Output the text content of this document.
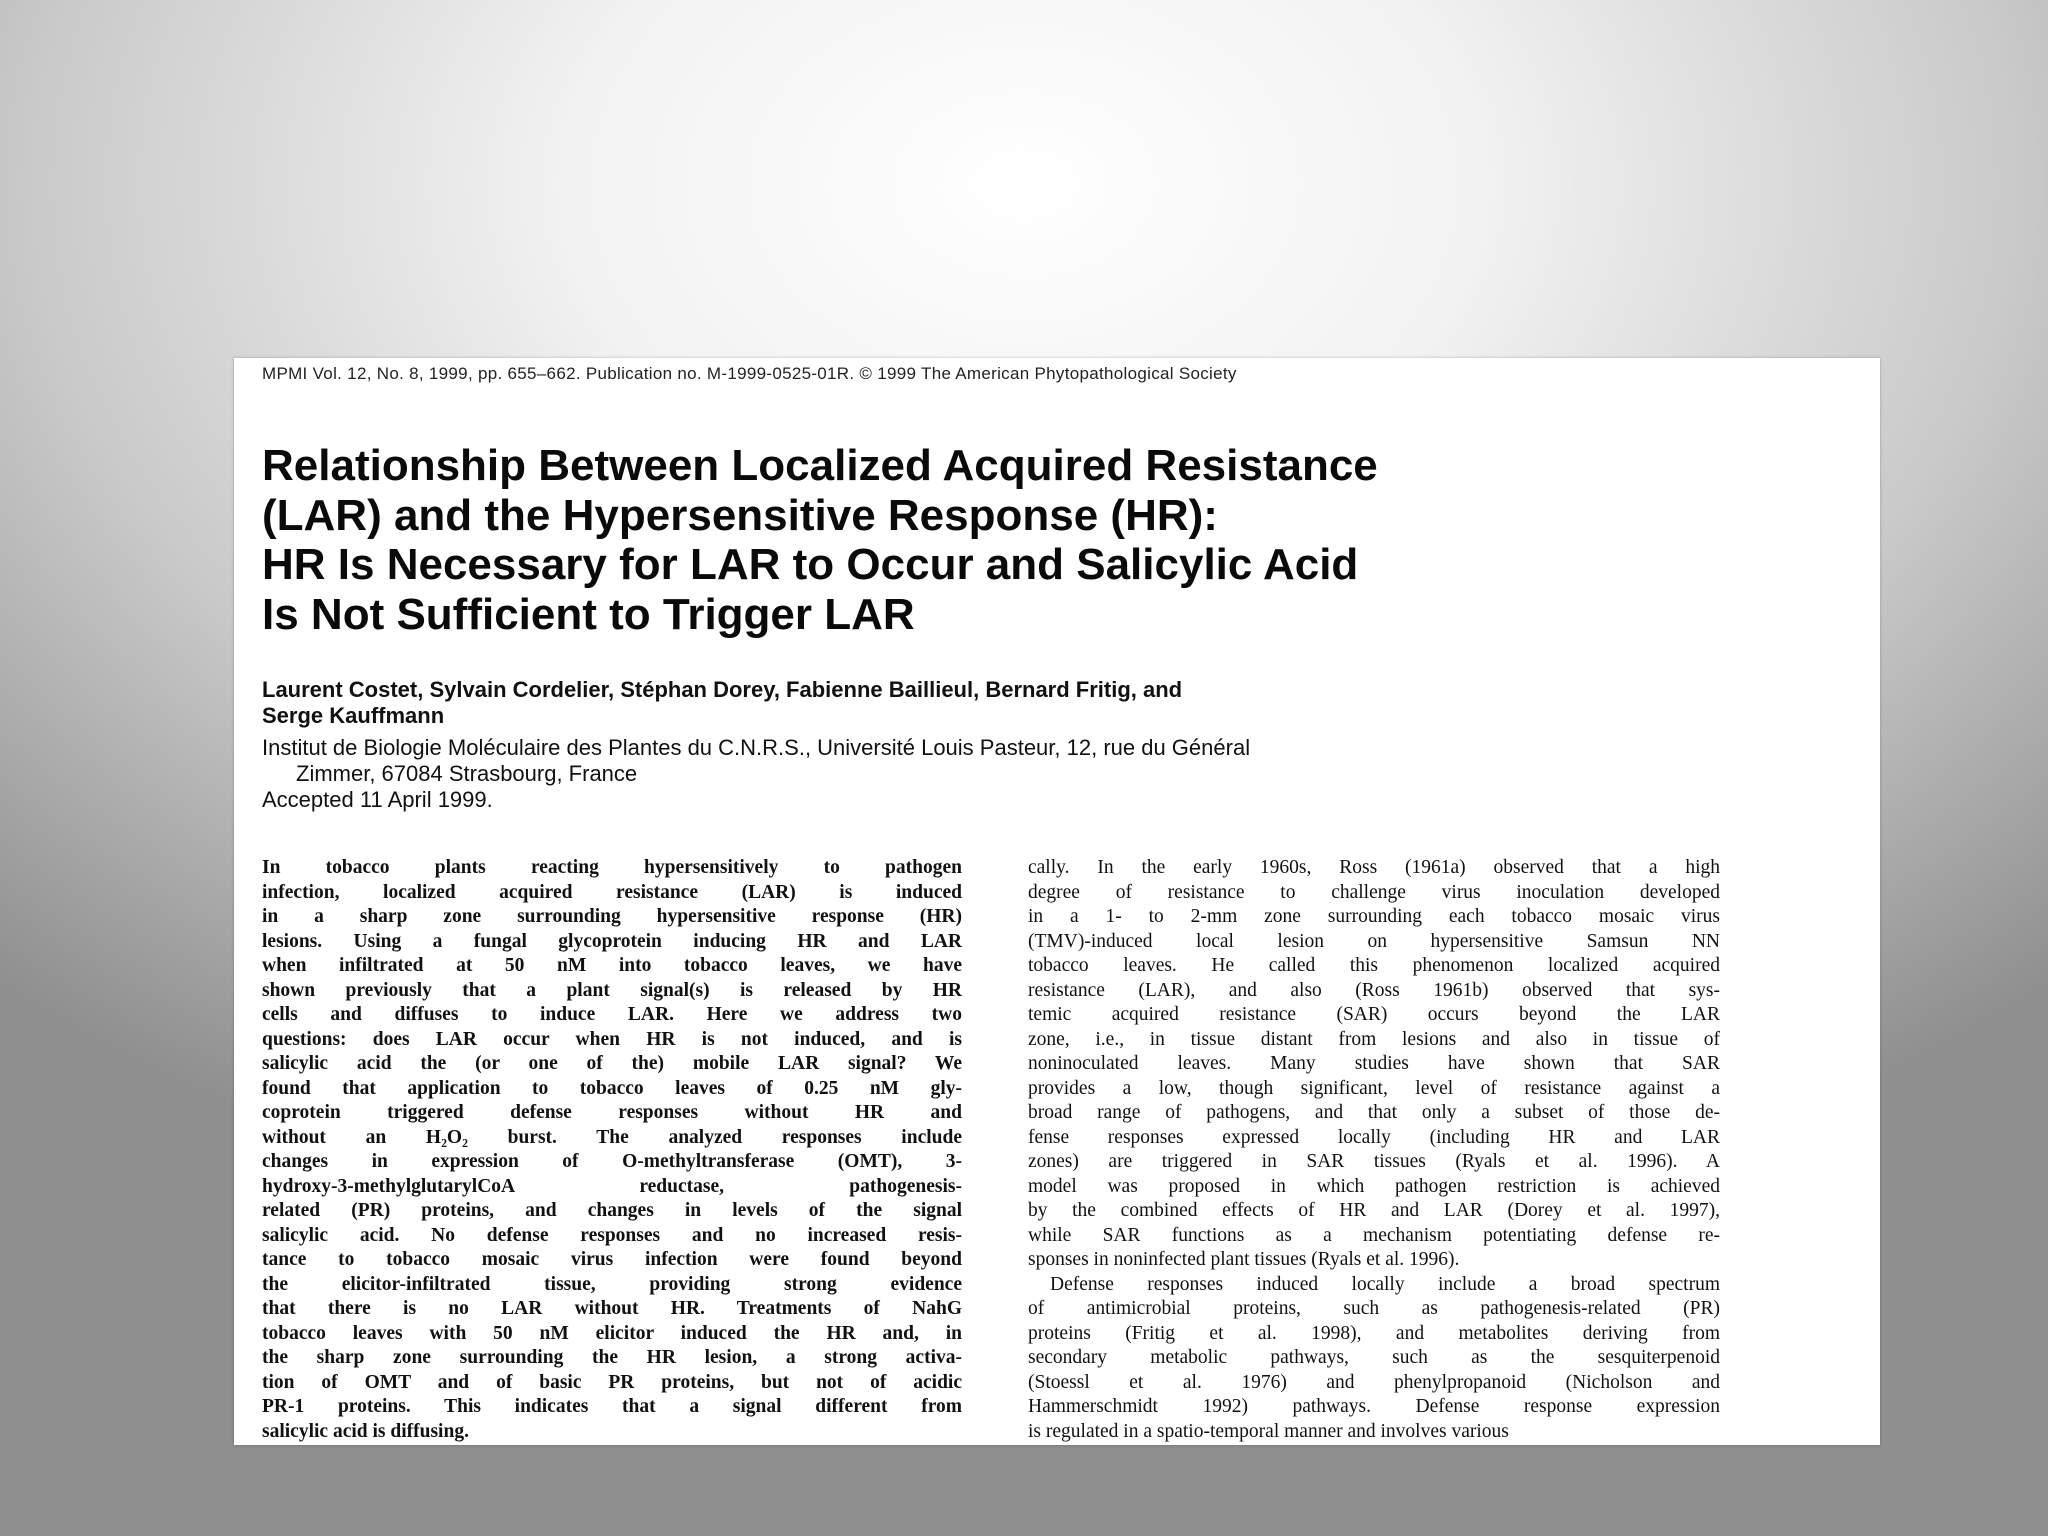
MPMI Vol. 12, No. 8, 1999, pp. 655–662. Publication no. M-1999-0525-01R. © 1999 The American Phytopathological Society
Relationship Between Localized Acquired Resistance
(LAR) and the Hypersensitive Response (HR):
HR Is Necessary for LAR to Occur and Salicylic Acid
Is Not Sufficient to Trigger LAR
Laurent Costet, Sylvain Cordelier, Stéphan Dorey, Fabienne Baillieul, Bernard Fritig, and
Serge Kauffmann
Institut de Biologie Moléculaire des Plantes du C.N.R.S., Université Louis Pasteur, 12, rue du Général
Zimmer, 67084 Strasbourg, France
Accepted 11 April 1999.
In tobacco plants reacting hypersensitively to pathogen
infection, localized acquired resistance (LAR) is induced
in a sharp zone surrounding hypersensitive response (HR)
lesions. Using a fungal glycoprotein inducing HR and LAR
when infiltrated at 50 nM into tobacco leaves, we have
shown previously that a plant signal(s) is released by HR
cells and diffuses to induce LAR. Here we address two
questions: does LAR occur when HR is not induced, and is
salicylic acid the (or one of the) mobile LAR signal? We
found that application to tobacco leaves of 0.25 nM gly-
coprotein triggered defense responses without HR and
without an H₂O₂ burst. The analyzed responses include
changes in expression of O-methyltransferase (OMT), 3-
hydroxy-3-methylglutarylCoA reductase, pathogenesis-
related (PR) proteins, and changes in levels of the signal
salicylic acid. No defense responses and no increased resis-
tance to tobacco mosaic virus infection were found beyond
the elicitor-infiltrated tissue, providing strong evidence
that there is no LAR without HR. Treatments of NahG
tobacco leaves with 50 nM elicitor induced the HR and, in
the sharp zone surrounding the HR lesion, a strong activa-
tion of OMT and of basic PR proteins, but not of acidic
PR-1 proteins. This indicates that a signal different from
salicylic acid is diffusing.
cally. In the early 1960s, Ross (1961a) observed that a high
degree of resistance to challenge virus inoculation developed
in a 1- to 2-mm zone surrounding each tobacco mosaic virus
(TMV)-induced local lesion on hypersensitive Samsun NN
tobacco leaves. He called this phenomenon localized acquired
resistance (LAR), and also (Ross 1961b) observed that sys-
temic acquired resistance (SAR) occurs beyond the LAR
zone, i.e., in tissue distant from lesions and also in tissue of
noninoculated leaves. Many studies have shown that SAR
provides a low, though significant, level of resistance against a
broad range of pathogens, and that only a subset of those de-
fense responses expressed locally (including HR and LAR
zones) are triggered in SAR tissues (Ryals et al. 1996). A
model was proposed in which pathogen restriction is achieved
by the combined effects of HR and LAR (Dorey et al. 1997),
while SAR functions as a mechanism potentiating defense re-
sponses in noninfected plant tissues (Ryals et al. 1996).
Defense responses induced locally include a broad spectrum
of antimicrobial proteins, such as pathogenesis-related (PR)
proteins (Fritig et al. 1998), and metabolites deriving from
secondary metabolic pathways, such as the sesquiterpenoid
(Stoessl et al. 1976) and phenylpropanoid (Nicholson and
Hammerschmidt 1992) pathways. Defense response expression
is regulated in a spatio-temporal manner and involves various
